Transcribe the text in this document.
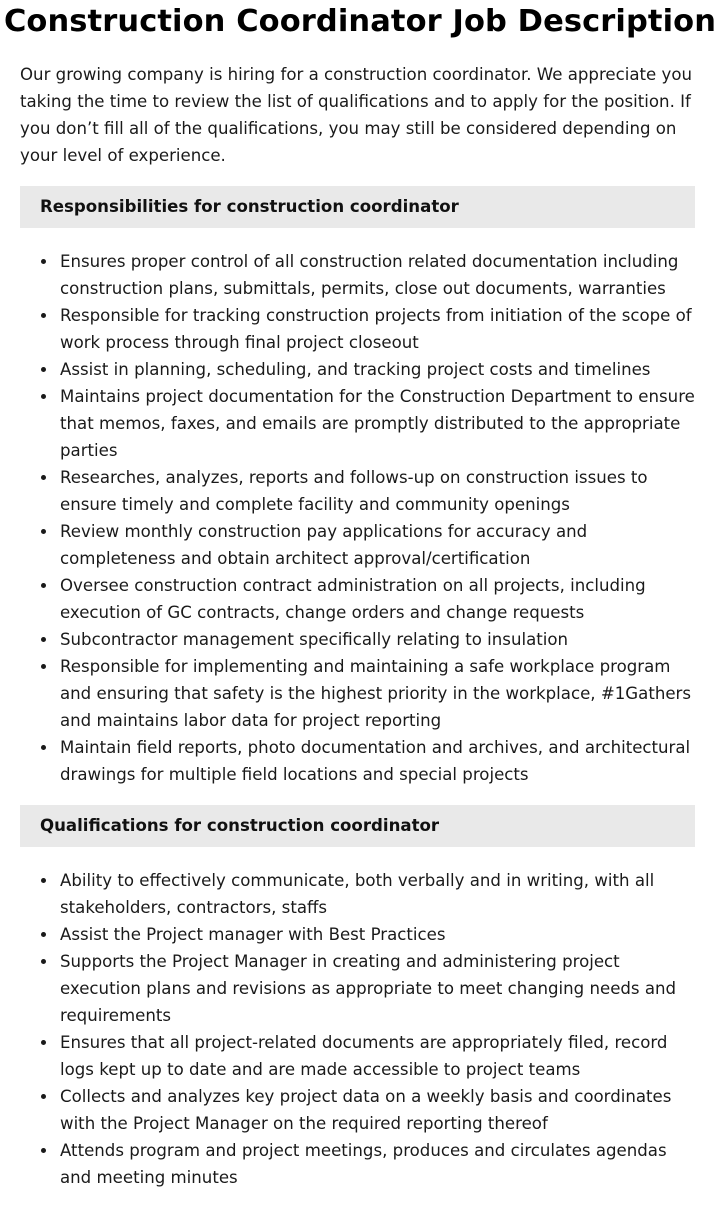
Construction Coordinator Job Description

Our growing company is hiring for a construction coordinator. We appreciate you taking the time to review the list of qualifications and to apply for the position. If you don’t fill all of the qualifications, you may still be considered depending on your level of experience.

Responsibilities for construction coordinator
Ensures proper control of all construction related documentation including construction plans, submittals, permits, close out documents, warranties
Responsible for tracking construction projects from initiation of the scope of work process through final project closeout
Assist in planning, scheduling, and tracking project costs and timelines
Maintains project documentation for the Construction Department to ensure that memos, faxes, and emails are promptly distributed to the appropriate parties
Researches, analyzes, reports and follows-up on construction issues to ensure timely and complete facility and community openings
Review monthly construction pay applications for accuracy and completeness and obtain architect approval/certification
Oversee construction contract administration on all projects, including execution of GC contracts, change orders and change requests
Subcontractor management specifically relating to insulation
Responsible for implementing and maintaining a safe workplace program and ensuring that safety is the highest priority in the workplace, #1Gathers and maintains labor data for project reporting
Maintain field reports, photo documentation and archives, and architectural drawings for multiple field locations and special projects
Qualifications for construction coordinator
Ability to effectively communicate, both verbally and in writing, with all stakeholders, contractors, staffs
Assist the Project manager with Best Practices
Supports the Project Manager in creating and administering project execution plans and revisions as appropriate to meet changing needs and requirements
Ensures that all project-related documents are appropriately filed, record logs kept up to date and are made accessible to project teams
Collects and analyzes key project data on a weekly basis and coordinates with the Project Manager on the required reporting thereof
Attends program and project meetings, produces and circulates agendas and meeting minutes
